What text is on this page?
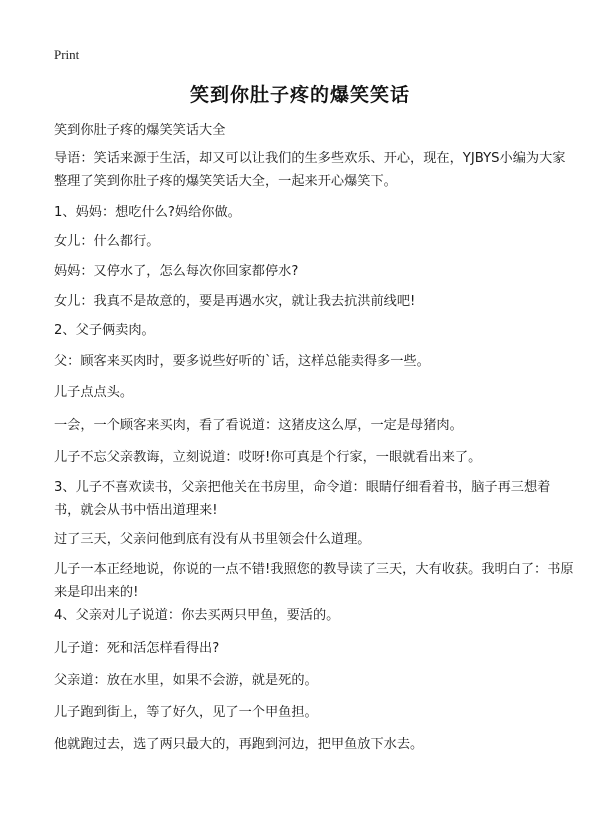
Print
笑到你肚子疼的爆笑笑话
笑到你肚子疼的爆笑笑话大全
导语：笑话来源于生活，却又可以让我们的生多些欢乐、开心，现在，YJBYS小编为大家整理了笑到你肚子疼的爆笑笑话大全，一起来开心爆笑下。
1、妈妈：想吃什么?妈给你做。
女儿：什么都行。
妈妈：又停水了，怎么每次你回家都停水?
女儿：我真不是故意的，要是再遇水灾，就让我去抗洪前线吧!
2、父子俩卖肉。
父：顾客来买肉时，要多说些好听的`话，这样总能卖得多一些。
儿子点点头。
一会，一个顾客来买肉，看了看说道：这猪皮这么厚，一定是母猪肉。
儿子不忘父亲教诲，立刻说道：哎呀!你可真是个行家，一眼就看出来了。
3、儿子不喜欢读书，父亲把他关在书房里，命令道：眼睛仔细看着书，脑子再三想着书，就会从书中悟出道理来!
过了三天，父亲问他到底有没有从书里领会什么道理。
儿子一本正经地说，你说的一点不错!我照您的教导读了三天，大有收获。我明白了：书原来是印出来的!
4、父亲对儿子说道：你去买两只甲鱼，要活的。
儿子道：死和活怎样看得出?
父亲道：放在水里，如果不会游，就是死的。
儿子跑到街上，等了好久，见了一个甲鱼担。
他就跑过去，选了两只最大的，再跑到河边，把甲鱼放下水去。
